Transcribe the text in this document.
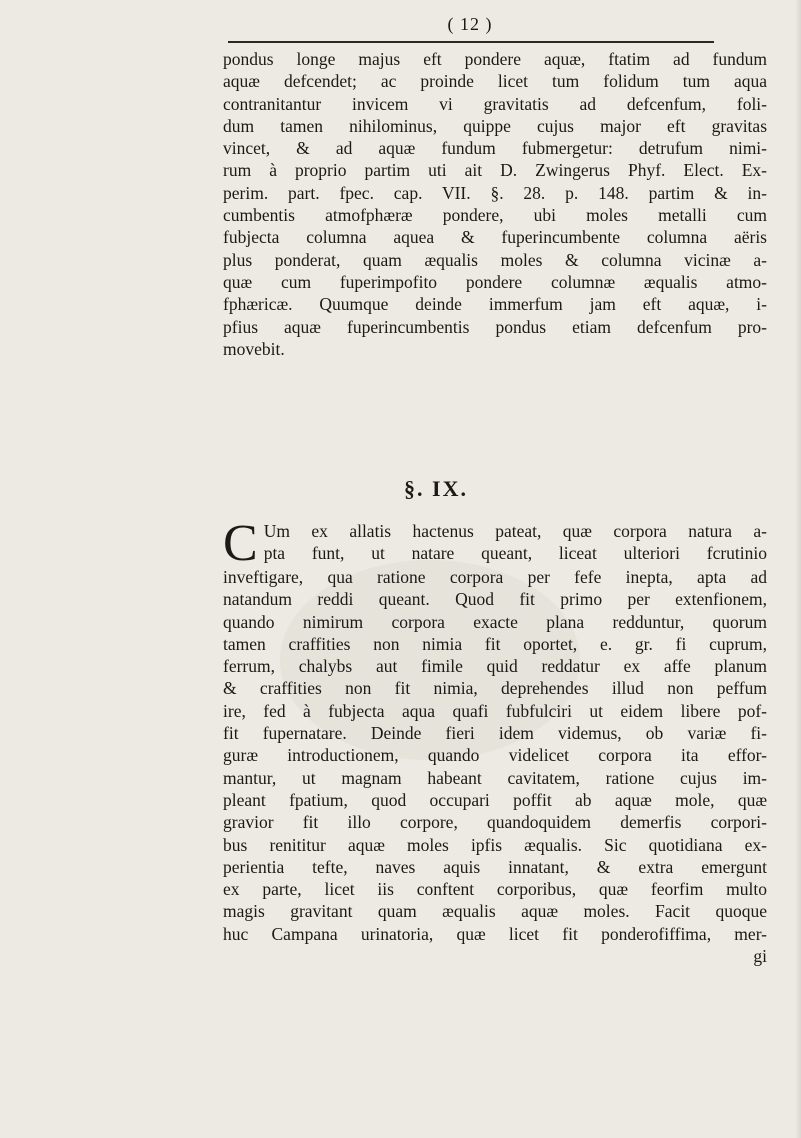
( 12 )
pondus longe majus eft pondere aquæ, ftatim ad fundum
aquæ defcendet; ac proinde licet tum folidum tum aqua
contranitantur invicem vi gravitatis ad defcenfum, foli-
dum tamen nihilominus, quippe cujus major eft gravitas
vincet, & ad aquæ fundum fubmergetur: detrufum nimi-
rum à proprio partim uti ait D. Zwingerus Phyf. Elect. Ex-
perim. part. fpec. cap. VII. §. 28. p. 148. partim & in-
cumbentis atmofphæræ pondere, ubi moles metalli cum
fubjecta columna aquea & fuperincumbente columna aëris
plus ponderat, quam æqualis moles & columna vicinæ a-
quæ cum fuperimpofito pondere columnæ æqualis atmo-
fphæricæ. Quumque deinde immerfum jam eft aquæ, i-
pfius aquæ fuperincumbentis pondus etiam defcenfum pro-
movebit.
§. IX.
C Um ex allatis hactenus pateat, quæ corpora natura a-
pta funt, ut natare queant, liceat ulteriori fcrutinio
inveftigare, qua ratione corpora per fefe inepta, apta ad
natandum reddi queant. Quod fit primo per extenfionem,
quando nimirum corpora exacte plana redduntur, quorum
tamen craffities non nimia fit oportet, e. gr. fi cuprum,
ferrum, chalybs aut fimile quid reddatur ex affe planum
& craffities non fit nimia, deprehendes illud non peffum
ire, fed à fubjecta aqua quafi fubfulciri ut eidem libere pof-
fit fupernatare. Deinde fieri idem videmus, ob variæ fi-
guræ introductionem, quando videlicet corpora ita effor-
mantur, ut magnam habeant cavitatem, ratione cujus im-
pleant fpatium, quod occupari poffit ab aquæ mole, quæ
gravior fit illo corpore, quandoquidem demerfis corpori-
bus renititur aquæ moles ipfis æqualis. Sic quotidiana ex-
perientia tefte, naves aquis innatant, & extra emergunt
ex parte, licet iis conftent corporibus, quæ feorfim multo
magis gravitant quam æqualis aquæ moles. Facit quoque
huc Campana urinatoria, quæ licet fit ponderofiffima, mer-
gi
